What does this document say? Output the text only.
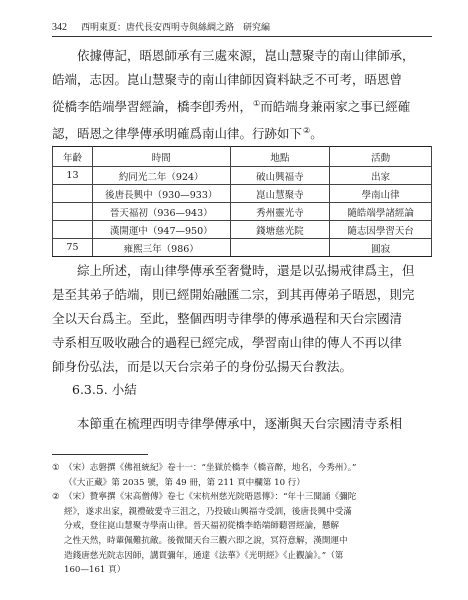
342 西明東夏：唐代長安西明寺與絲綢之路　研究編
依據傳記，晤恩師承有三處來源，崑山慧聚寺的南山律師承，
皓端，志因。崑山慧聚寺的南山律師因資料缺乏不可考，晤恩曾
從橋李皓端學習經論，橋李卽秀州，①而皓端身兼兩家之事已經確
認，晤恩之律學傳承明確爲南山律。行跡如下②。
年齡	時間	地點	活動
13	約同光二年（924）	破山興福寺	出家
	後唐長興中（930—933）	崑山慧聚寺	學南山律
	晉天福初（936—943）	秀州靈光寺	隨皓端學諸經論
	漢開運中（947—950）	錢塘慈光院	隨志因學習天台
75	雍熙三年（986）		圓寂
綜上所述，南山律學傳承至奢覺時，還是以弘揚戒律爲主，但
是至其弟子皓端，則已經開始融匯二宗，到其再傳弟子晤恩，則完
全以天台爲主。至此，整個西明寺律學的傳承過程和天台宗國清
寺系相互吸收融合的過程已經完成，學習南山律的傳人不再以律
師身份弘法，而是以天台宗弟子的身份弘揚天台教法。
6.3.5. 小結
本節重在梳理西明寺律學傳承中，逐漸與天台宗國清寺系相
① （宋）志磐撰《佛祖統紀》卷十一：“坐獄於橋李（橋音醉，地名，今秀州）。”
（《大正藏》第 2035 號，第 49 冊，第 211 頁中欄第 10 行）
② （宋）贊寧撰《宋高僧傳》卷七《宋杭州慈光院晤恩傳》：“年十三聞誦《彌陀
經》，遂求出家，親禮破愛寺三沮之，乃投破山興福寺受訓，後唐長興中受滿
分戒，登往崑山慧聚寺學南山律。晉天福初從橋李皓端師聽習經論，懸解
之性天然，時輩佩難抗敵。後微聞天台三觀六即之說，冥符意解，漢開運中
造錢唐慈光院志因師，講貫彌年，通達《法華》《光明經》《止觀論》。”（第
160—161 頁）
